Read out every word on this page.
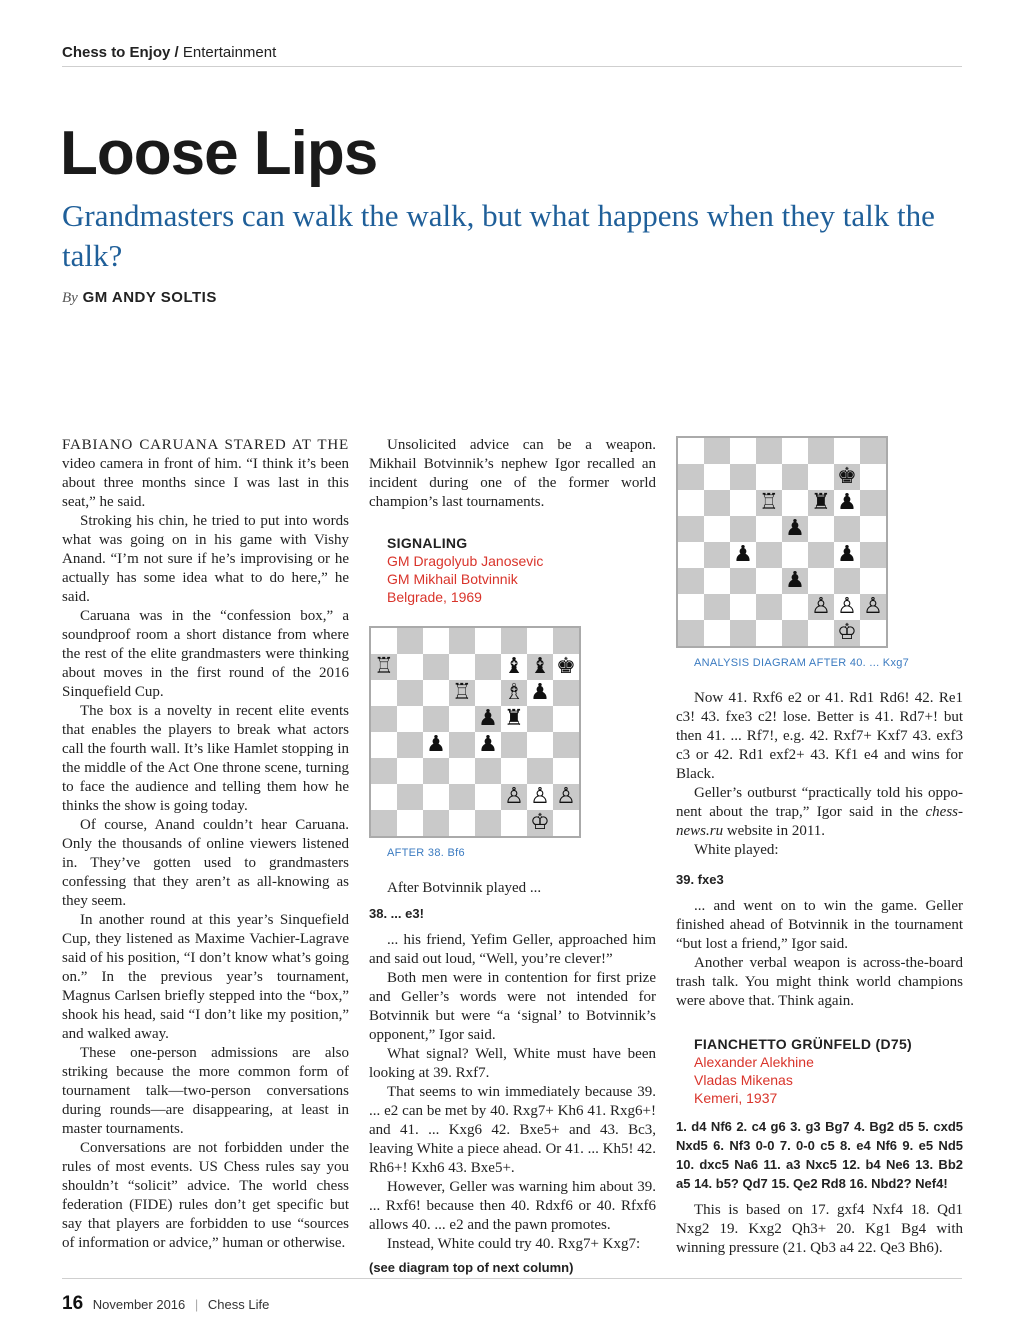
Chess to Enjoy / Entertainment
Loose Lips

Grandmasters can walk the walk, but what happens when they talk the talk?

By GM ANDY SOLTIS

FABIANO CARUANA STARED AT THE video camera in front of him. “I think it’s been about three months since I was last in this seat,” he said.

Stroking his chin, he tried to put into words what was going on in his game with Vishy Anand. “I’m not sure if he’s improvising or he actually has some idea what to do here,” he said.

Caruana was in the “confession box,” a soundproof room a short distance from where the rest of the elite grandmasters were thinking about moves in the first round of the 2016 Sinquefield Cup.

The box is a novelty in recent elite events that enables the players to break what actors call the fourth wall. It’s like Hamlet stopping in the middle of the Act One throne scene, turning to face the audience and telling them how he thinks the show is going today.

Of course, Anand couldn’t hear Caruana. Only the thousands of online viewers listened in. They’ve gotten used to grandmasters confessing that they aren’t as all-knowing as they seem.

In another round at this year’s Sinquefield Cup, they listened as Maxime Vachier-Lagrave said of his position, “I don’t know what’s going on.” In the previous year’s tournament, Magnus Carlsen briefly stepped into the “box,” shook his head, said “I don’t like my position,” and walked away.

These one-person admissions are also striking because the more common form of tournament talk—two-person conversations during rounds—are disappearing, at least in master tournaments.

Conversations are not forbidden under the rules of most events. US Chess rules say you shouldn’t “solicit” advice. The world chess federation (FIDE) rules don’t get specific but say that players are forbidden to use “sources of information or advice,” human or otherwise.

Unsolicited advice can be a weapon. Mikhail Botvinnik’s nephew Igor recalled an incident during one of the former world champion’s last tournaments.

SIGNALING

GM Dragolyub Janosevic

GM Mikhail Botvinnik

Belgrade, 1969

♖	♝ ♝ ♚
♖ ♗ ♟
♟ ♜
♟ ♟
♙ ♙ ♙
♔

AFTER 38. Bf6

After Botvinnik played ...

38. ... e3!

... his friend, Yefim Geller, approached him and said out loud, “Well, you’re clever!”

Both men were in contention for first prize and Geller’s words were not intended for Botvinnik but were “a ‘signal’ to Botvinnik’s opponent,” Igor said.

What signal? Well, White must have been looking at 39. Rxf7.

That seems to win immediately because 39. ... e2 can be met by 40. Rxg7+ Kh6 41. Rxg6+! and 41. ... Kxg6 42. Bxe5+ and 43. Bc3, leaving White a piece ahead. Or 41. ... Kh5! 42. Rh6+! Kxh6 43. Bxe5+.

However, Geller was warning him about 39. ... Rxf6! because then 40. Rdxf6 or 40. Rfxf6 allows 40. ... e2 and the pawn promotes.

Instead, White could try 40. Rxg7+ Kxg7:

(see diagram top of next column)

♚
♖ ♜ ♟
♟
♟	♟
♟
♙ ♙ ♙
♔

ANALYSIS DIAGRAM AFTER 40. ... Kxg7

Now 41. Rxf6 e2 or 41. Rd1 Rd6! 42. Re1 c3! 43. fxe3 c2! lose. Better is 41. Rd7+! but then 41. ... Rf7!, e.g. 42. Rxf7+ Kxf7 43. exf3 c3 or 42. Rd1 exf2+ 43. Kf1 e4 and wins for Black.

Geller’s outburst “practically told his opponent about the trap,” Igor said in the chess-news.ru website in 2011.

White played:

39. fxe3

... and went on to win the game. Geller finished ahead of Botvinnik in the tournament “but lost a friend,” Igor said.

Another verbal weapon is across-the-board trash talk. You might think world champions were above that. Think again.

FIANCHETTO GRÜNFELD (D75)

Alexander Alekhine

Vladas Mikenas

Kemeri, 1937

1. d4 Nf6 2. c4 g6 3. g3 Bg7 4. Bg2 d5 5. cxd5 Nxd5 6. Nf3 0-0 7. 0-0 c5 8. e4 Nf6 9. e5 Nd5 10. dxc5 Na6 11. a3 Nxc5 12. b4 Ne6 13. Bb2 a5 14. b5? Qd7 15. Qe2 Rd8 16. Nbd2? Nef4!

This is based on 17. gxf4 Nxf4 18. Qd1 Nxg2 19. Kxg2 Qh3+ 20. Kg1 Bg4 with winning pressure (21. Qb3 a4 22. Qe3 Bh6).

16 November 2016 | Chess Life
